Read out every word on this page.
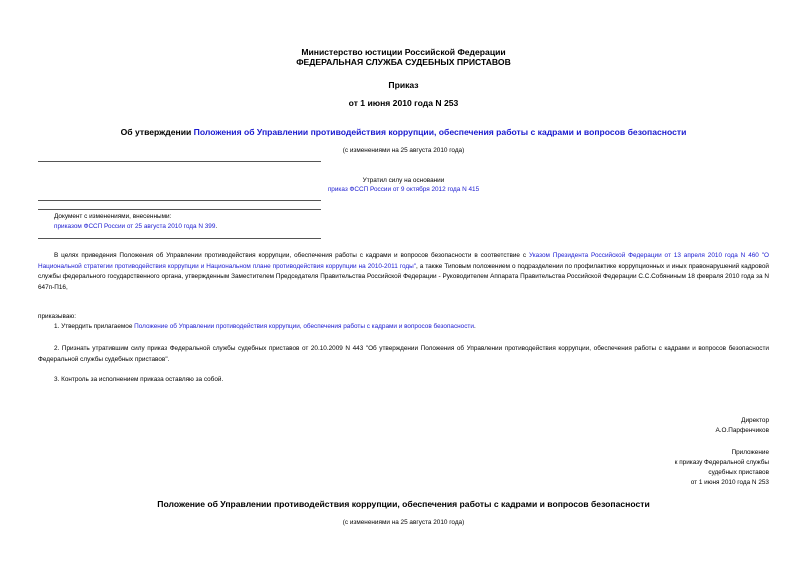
Министерство юстиции Российской Федерации
ФЕДЕРАЛЬНАЯ СЛУЖБА СУДЕБНЫХ ПРИСТАВОВ
Приказ
от 1 июня 2010 года N 253
Об утверждении Положения об Управлении противодействия коррупции, обеспечения работы с кадрами и вопросов безопасности
(с изменениями на 25 августа 2010 года)
Утратил силу на основании
приказ ФССП России от 9 октября 2012 года N 415
Документ с изменениями, внесенными:
приказом ФССП России от 25 августа 2010 года N 399.
В целях приведения Положения об Управлении противодействия коррупции, обеспечения работы с кадрами и вопросов безопасности в соответствие с Указом Президента Российской Федерации от 13 апреля 2010 года N 460 "О Национальной стратегии противодействия коррупции и Национальном плане противодействия коррупции на 2010-2011 годы", а также Типовым положением о подразделении по профилактике коррупционных и иных правонарушений кадровой службы федерального государственного органа, утвержденным Заместителем Председателя Правительства Российской Федерации - Руководителем Аппарата Правительства Российской Федерации С.С.Собяниным 18 февраля 2010 года за N 647п-П16,
приказываю:
1. Утвердить прилагаемое Положение об Управлении противодействия коррупции, обеспечения работы с кадрами и вопросов безопасности.
2. Признать утратившим силу приказ Федеральной службы судебных приставов от 20.10.2009 N 443 "Об утверждении Положения об Управлении противодействия коррупции, обеспечения работы с кадрами и вопросов безопасности Федеральной службы судебных приставов".
3. Контроль за исполнением приказа оставляю за собой.
Директор
А.О.Парфенчиков
Приложение
к приказу Федеральной службы
судебных приставов
от 1 июня 2010 года N 253
Положение об Управлении противодействия коррупции, обеспечения работы с кадрами и вопросов безопасности
(с изменениями на 25 августа 2010 года)
